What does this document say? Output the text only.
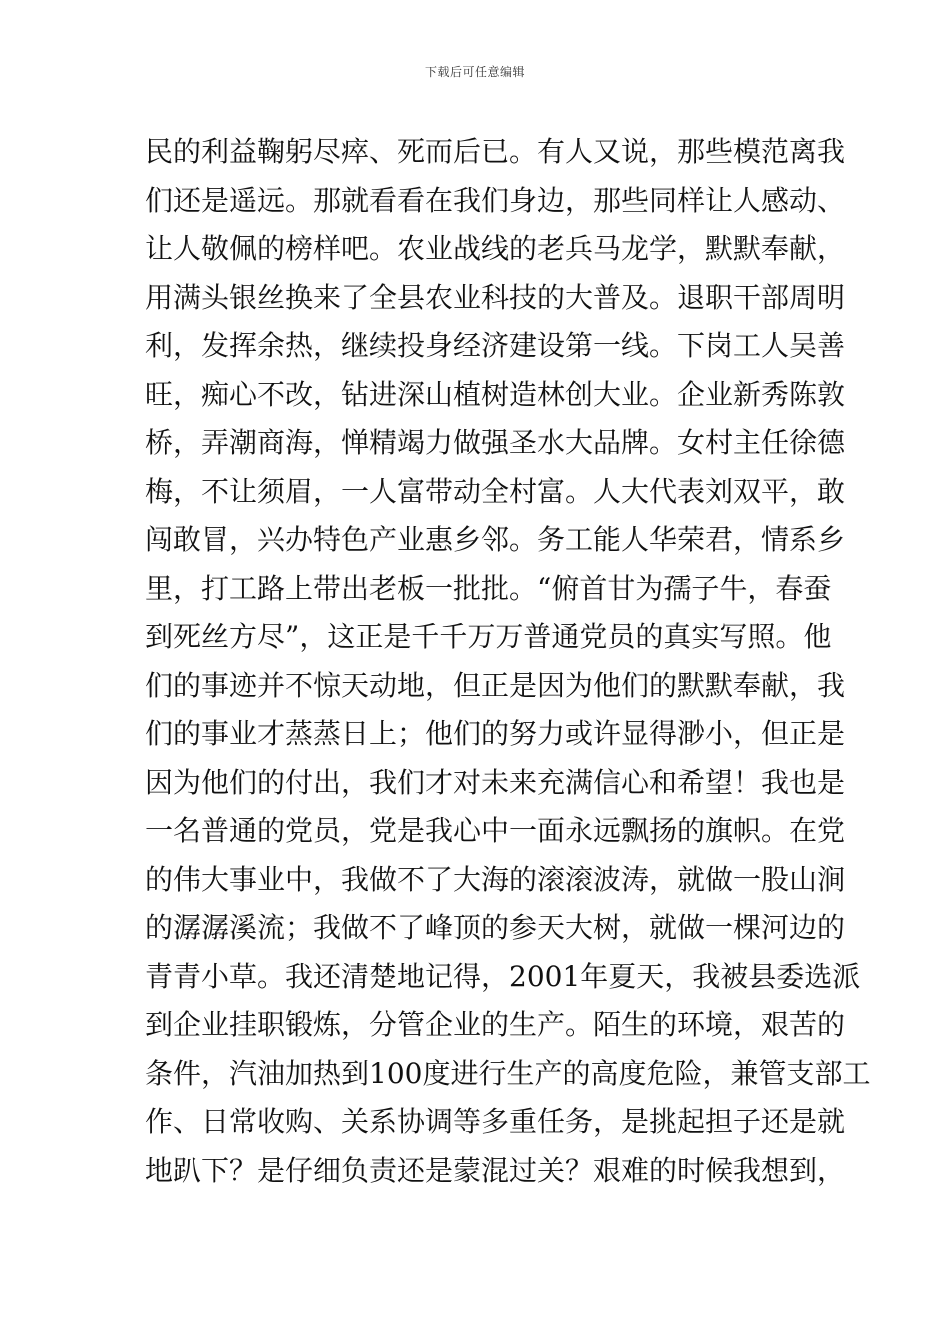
下载后可任意编辑
民的利益鞠躬尽瘁、死而后已。有人又说，那些模范离我
们还是遥远。那就看看在我们身边，那些同样让人感动、
让人敬佩的榜样吧。农业战线的老兵马龙学，默默奉献，
用满头银丝换来了全县农业科技的大普及。退职干部周明
利，发挥余热，继续投身经济建设第一线。下岗工人吴善
旺，痴心不改，钻进深山植树造林创大业。企业新秀陈敦
桥，弄潮商海，惮精竭力做强圣水大品牌。女村主任徐德
梅，不让须眉，一人富带动全村富。人大代表刘双平，敢
闯敢冒，兴办特色产业惠乡邻。务工能人华荣君，情系乡
里，打工路上带出老板一批批。“俯首甘为孺子牛，春蚕
到死丝方尽”，这正是千千万万普通党员的真实写照。他
们的事迹并不惊天动地，但正是因为他们的默默奉献，我
们的事业才蒸蒸日上；他们的努力或许显得渺小，但正是
因为他们的付出，我们才对未来充满信心和希望！我也是
一名普通的党员，党是我心中一面永远飘扬的旗帜。在党
的伟大事业中，我做不了大海的滚滚波涛，就做一股山涧
的潺潺溪流；我做不了峰顶的参天大树，就做一棵河边的
青青小草。我还清楚地记得，2001年夏天，我被县委选派
到企业挂职锻炼，分管企业的生产。陌生的环境，艰苦的
条件，汽油加热到100度进行生产的高度危险，兼管支部工
作、日常收购、关系协调等多重任务，是挑起担子还是就
地趴下？是仔细负责还是蒙混过关？艰难的时候我想到，
